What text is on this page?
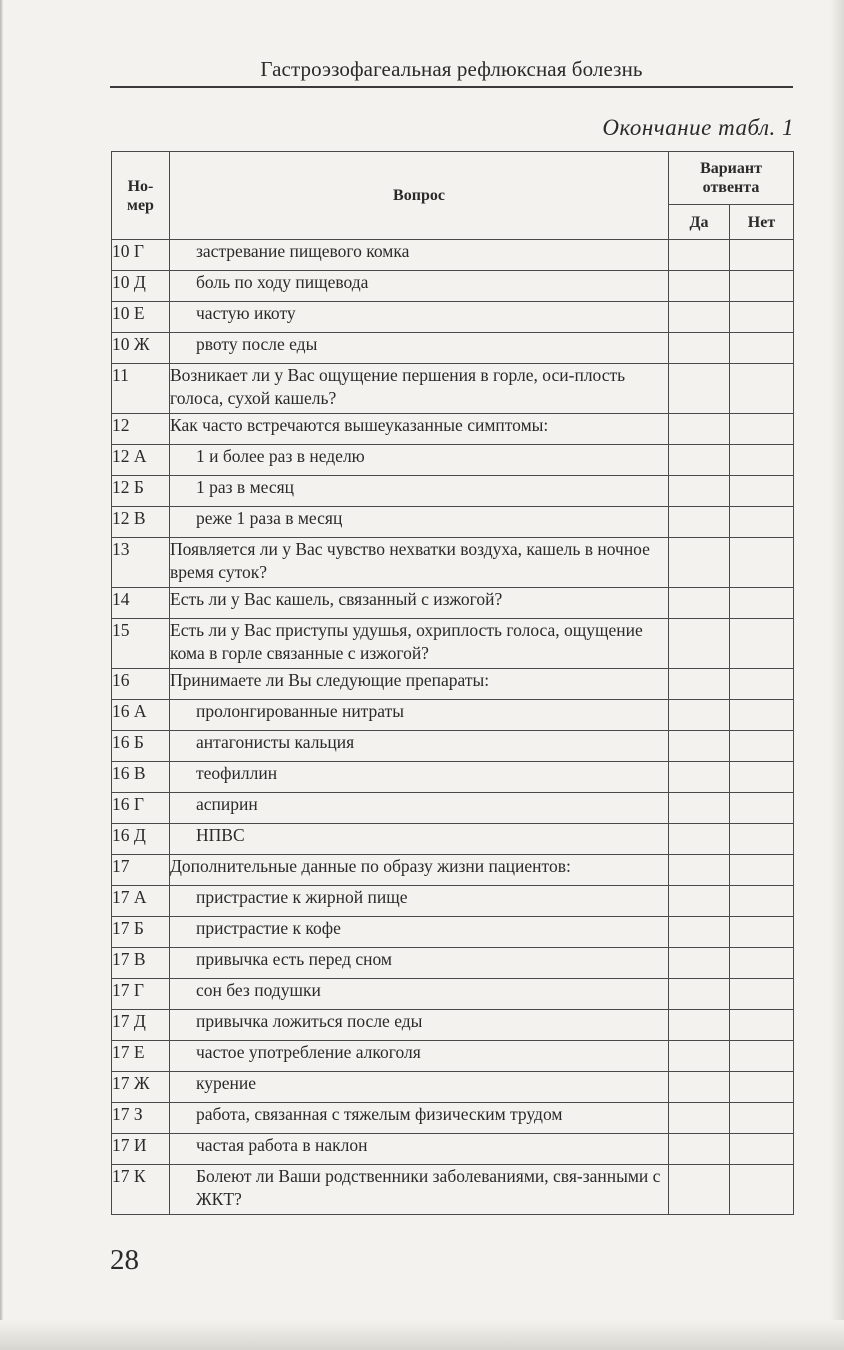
Гастроэзофагеальная рефлюксная болезнь
Окончание табл. 1
Но-
мер	Вопрос	Вариант
отвента	
		Да	Нет
10 Г	застревание пищевого комка		
10 Д	боль по ходу пищевода		
10 Е	частую икоту		
10 Ж	рвоту после еды		
11	Возникает ли у Вас ощущение першения в горле, оси-плость голоса, сухой кашель?		
12	Как часто встречаются вышеуказанные симптомы:		
12 А	1 и более раз в неделю		
12 Б	1 раз в месяц		
12 В	реже 1 раза в месяц		
13	Появляется ли у Вас чувство нехватки воздуха, кашель в ночное время суток?		
14	Есть ли у Вас кашель, связанный с изжогой?		
15	Есть ли у Вас приступы удушья, охриплость голоса, ощущение кома в горле связанные с изжогой?		
16	Принимаете ли Вы следующие препараты:		
16 А	пролонгированные нитраты		
16 Б	антагонисты кальция		
16 В	теофиллин		
16 Г	аспирин		
16 Д	НПВС		
17	Дополнительные данные по образу жизни пациентов:		
17 А	пристрастие к жирной пище		
17 Б	пристрастие к кофе		
17 В	привычка есть перед сном		
17 Г	сон без подушки		
17 Д	привычка ложиться после еды		
17 Е	частое употребление алкоголя		
17 Ж	курение		
17 З	работа, связанная с тяжелым физическим трудом		
17 И	частая работа в наклон		
17 К	Болеют ли Ваши родственники заболеваниями, свя-занными с ЖКТ?		
28
